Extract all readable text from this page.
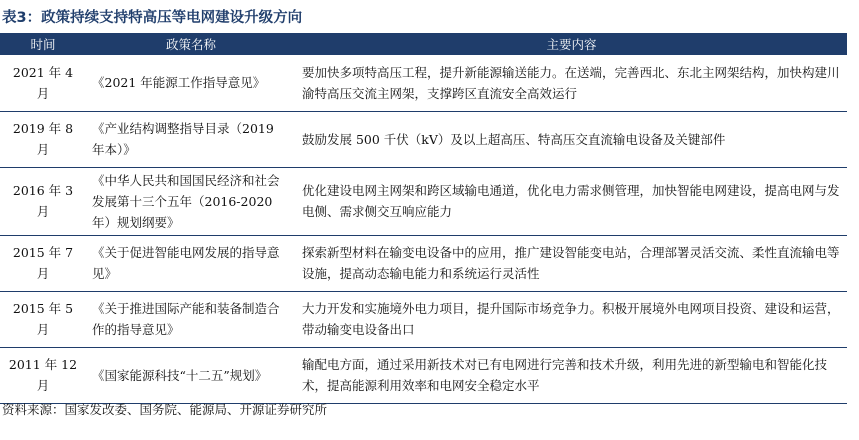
表3：政策持续支持特高压等电网建设升级方向
时间	政策名称	主要内容
2021 年 4 月	《2021 年能源工作指导意见》	要加快多项特高压工程，提升新能源输送能力。在送端，完善西北、东北主网架结构，加快构建川渝特高压交流主网架，支撑跨区直流安全高效运行
2019 年 8 月	《产业结构调整指导目录（2019 年本）》	鼓励发展 500 千伏（kV）及以上超高压、特高压交直流输电设备及关键部件
2016 年 3 月	《中华人民共和国国民经济和社会发展第十三个五年（2016-2020 年）规划纲要》	优化建设电网主网架和跨区域输电通道，优化电力需求侧管理，加快智能电网建设，提高电网与发电侧、需求侧交互响应能力
2015 年 7 月	《关于促进智能电网发展的指导意见》	探索新型材料在输变电设备中的应用，推广建设智能变电站，合理部署灵活交流、柔性直流输电等设施，提高动态输电能力和系统运行灵活性
2015 年 5 月	《关于推进国际产能和装备制造合作的指导意见》	大力开发和实施境外电力项目，提升国际市场竞争力。积极开展境外电网项目投资、建设和运营，带动输变电设备出口
2011 年 12 月	《国家能源科技“十二五”规划》	输配电方面，通过采用新技术对已有电网进行完善和技术升级，利用先进的新型输电和智能化技术，提高能源利用效率和电网安全稳定水平
资料来源：国家发改委、国务院、能源局、开源证券研究所
